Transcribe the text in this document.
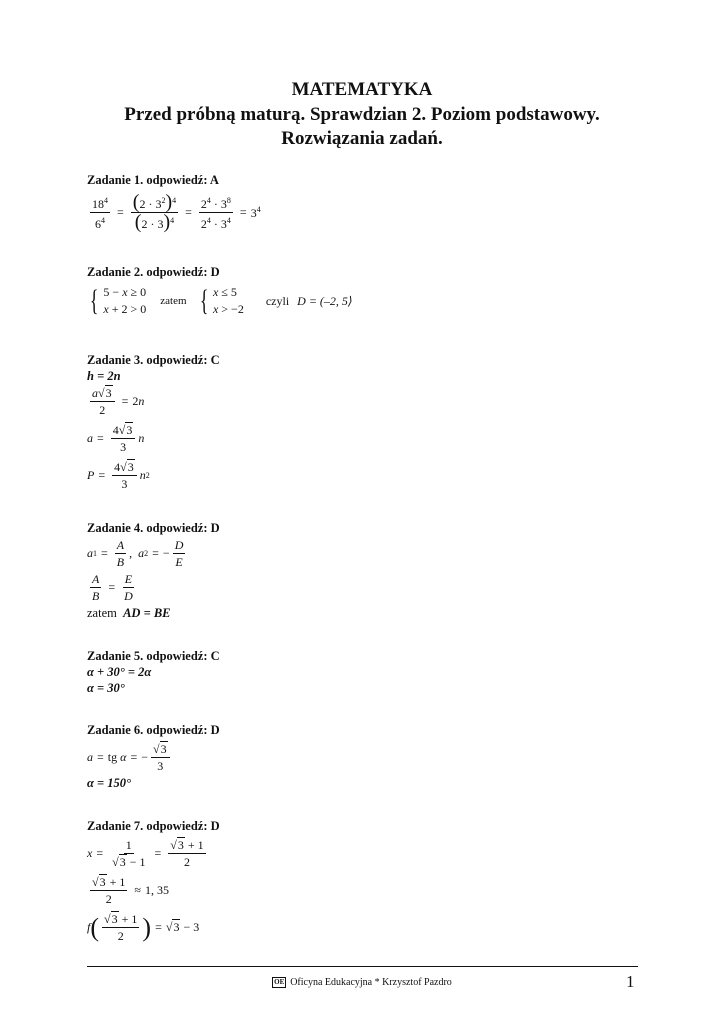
MATEMATYKA
Przed próbną maturą. Sprawdzian 2. Poziom podstawowy.
Rozwiązania zadań.
Zadanie 1. odpowiedź: A
$\frac{18^4}{6^4} = \frac{(2 \cdot 3^2)^4}{(2 \cdot 3)^4} = \frac{2^4 \cdot 3^8}{2^4 \cdot 3^4} = 3^4$
Zadanie 2. odpowiedź: D
{ 5 − x ≥ 0
x + 2 > 0
zatem { x ≤ 5
x > −2
czyli D = (–2, 5⟩
Zadanie 3. odpowiedź: C
h = 2n
$\frac{a√3}{2} = 2$ n
$a = \frac{4√3}{3}$ n
$P = \frac{4√3}{3}$ n 2
Zadanie 4. odpowiedź: D
a $1 = \frac{A}{B}$ , a 2 = − $\frac{D}{E}$
$\frac{A}{B} = \frac{E}{D}$
zatem AD = BE
Zadanie 5. odpowiedź: C
α + 30° = 2α
α = 30°
Zadanie 6. odpowiedź: D
a = tg α = − $\frac{√3}{3}$
α = 150°
Zadanie 7. odpowiedź: D
$x = \frac{1}{√3 - 1} = \frac{√3 + 1}{2}$
$\frac{√3 + 1}{2} \approx 1$, 35
f ( $\frac{√3 + 1}{2}$ ) = √3 − 3
OE Oficyna Edukacyjna * Krzysztof Pazdro	1
